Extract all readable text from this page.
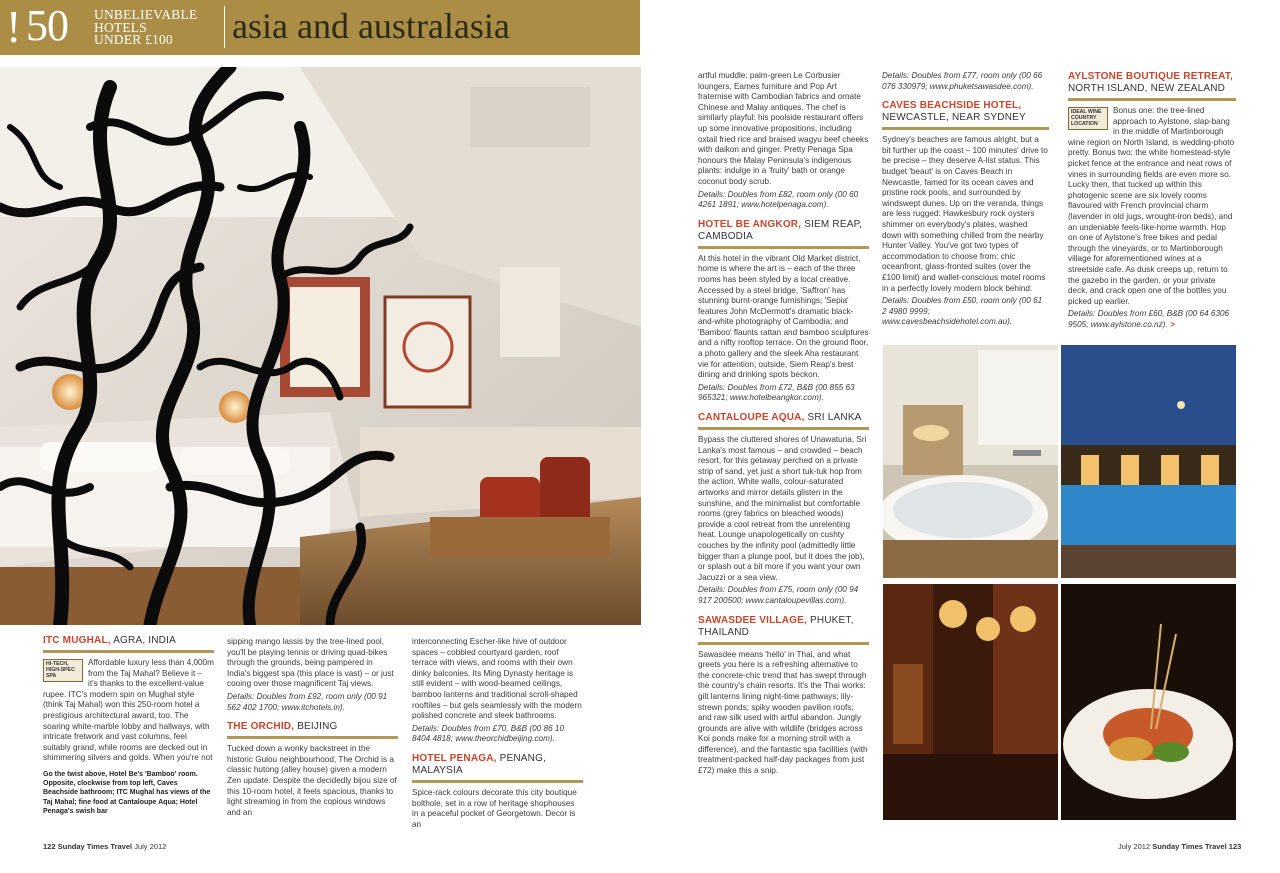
! 50 UNBELIEVABLE
HOTELS
UNDER £100	asia and australasia
ITC MUGHAL, AGRA, INDIA
HI-TECH, HIGH-SPEC SPA

Affordable luxury less than 4,000m from the Taj Mahal? Believe it – it's thanks to the excellent-value rupee. ITC's modern spin on Mughal style (think Taj Mahal) won this 250-room hotel a prestigious architectural award, too. The soaring white-marble lobby and hallways, with intricate fretwork and vast columns, feel suitably grand, while rooms are decked out in shimmering silvers and golds. When you're not

Go the twist above, Hotel Be's 'Bamboo' room. Opposite, clockwise from top left, Caves Beachside bathroom; ITC Mughal has views of the Taj Mahal; fine food at Cantaloupe Aqua; Hotel Penaga's swish bar

sipping mango lassis by the tree-lined pool, you'll be playing tennis or driving quad-bikes through the grounds, being pampered in India's biggest spa (this place is vast) – or just cooing over those magnificent Taj views.

Details: Doubles from £92, room only (00 91 562 402 1700; www.itchotels.in).

THE ORCHID, BEIJING

Tucked down a wonky backstreet in the historic Gulou neighbourhood, The Orchid is a classic hutong (alley house) given a modern Zen update. Despite the decidedly bijou size of this 10-room hotel, it feels spacious, thanks to light streaming in from the copious windows and an

interconnecting Escher-like hive of outdoor spaces – cobbled courtyard garden, roof terrace with views, and rooms with their own dinky balconies. Its Ming Dynasty heritage is still evident – with wood-beamed ceilings, bamboo lanterns and traditional scroll-shaped rooftiles – but gels seamlessly with the modern polished concrete and sleek bathrooms.

Details: Doubles from £70, B&B (00 86 10 8404 4818; www.theorchidbeijing.com).

HOTEL PENAGA, PENANG, MALAYSIA

Spice-rack colours decorate this city boutique bolthole, set in a row of heritage shophouses in a peaceful pocket of Georgetown. Decor is an

artful muddle: palm-green Le Corbusier loungers, Eames furniture and Pop Art fraternise with Cambodian fabrics and ornate Chinese and Malay antiques. The chef is similarly playful: his poolside restaurant offers up some innovative propositions, including oxtail fried rice and braised wagyu beef cheeks with daikon and ginger. Pretty Penaga Spa honours the Malay Peninsula's indigenous plants: indulge in a 'fruity' bath or orange coconut body scrub.

Details: Doubles from £82, room only (00 60 4261 1891; www.hotelpenaga.com).

HOTEL BE ANGKOR, SIEM REAP, CAMBODIA

At this hotel in the vibrant Old Market district, home is where the art is – each of the three rooms has been styled by a local creative. Accessed by a steel bridge, 'Saffron' has stunning burnt-orange furnishings; 'Sepia' features John McDermott's dramatic black-and-white photography of Cambodia; and 'Bamboo' flaunts rattan and bamboo sculptures and a nifty rooftop terrace. On the ground floor, a photo gallery and the sleek Aha restaurant vie for attention; outside, Siem Reap's best dining and drinking spots beckon.

Details: Doubles from £72, B&B (00 855 63 965321; www.hotelbeangkor.com).

CANTALOUPE AQUA, SRI LANKA

Bypass the cluttered shores of Unawatuna, Sri Lanka's most famous – and crowded – beach resort, for this getaway perched on a private strip of sand, yet just a short tuk-tuk hop from the action. White walls, colour-saturated artworks and mirror details glisten in the sunshine, and the minimalist but comfortable rooms (grey fabrics on bleached woods) provide a cool retreat from the unrelenting heat. Lounge unapologetically on cushty couches by the infinity pool (admittedly little bigger than a plunge pool, but it does the job), or splash out a bit more if you want your own Jacuzzi or a sea view.

Details: Doubles from £75, room only (00 94 917 200500; www.cantaloupevillas.com).

SAWASDEE VILLAGE, PHUKET, THAILAND

Sawasdee means 'hello' in Thai, and what greets you here is a refreshing alternative to the concrete-chic trend that has swept through the country's chain resorts. It's the Thai works: gilt lanterns lining night-time pathways; lily-strewn ponds; spiky wooden pavilion roofs; and raw silk used with artful abandon. Jungly grounds are alive with wildlife (bridges across Koi ponds make for a morning stroll with a difference), and the fantastic spa facilities (with treatment-packed half-day packages from just £72) make this a snip.

Details: Doubles from £77, room only (00 66 076 330979; www.phuketsawasdee.com).

CAVES BEACHSIDE HOTEL, NEWCASTLE, NEAR SYDNEY

Sydney's beaches are famous alright, but a bit further up the coast – 100 minutes' drive to be precise – they deserve A-list status. This budget 'beaut' is on Caves Beach in Newcastle, famed for its ocean caves and pristine rock pools, and surrounded by windswept dunes. Up on the veranda, things are less rugged: Hawkesbury rock oysters shimmer on everybody's plates, washed down with something chilled from the nearby Hunter Valley. You've got two types of accommodation to choose from: chic oceanfront, glass-fronted suites (over the £100 limit) and wallet-conscious motel rooms in a perfectly lovely modern block behind.

Details: Doubles from £50, room only (00 61 2 4980 9999; www.cavesbeachsidehotel.com.au).

AYLSTONE BOUTIQUE RETREAT, NORTH ISLAND, NEW ZEALAND
IDEAL WINE COUNTRY LOCATION

Bonus one: the tree-lined approach to Aylstone, slap-bang in the middle of Martinborough wine region on North Island, is wedding-photo pretty. Bonus two: the white homestead-style picket fence at the entrance and neat rows of vines in surrounding fields are even more so. Lucky then, that tucked up within this photogenic scene are six lovely rooms flavoured with French provincial charm (lavender in old jugs, wrought-iron beds), and an undeniable feels-like-home warmth. Hop on one of Aylstone's free bikes and pedal through the vineyards, or to Martinborough village for aforementioned wines at a streetside cafe. As dusk creeps up, return to the gazebo in the garden, or your private deck, and crack open one of the bottles you picked up earlier.

Details: Doubles from £60, B&B (00 64 6306 9505; www.aylstone.co.nz). >

122 Sunday Times Travel July 2012	July 2012 Sunday Times Travel 123
